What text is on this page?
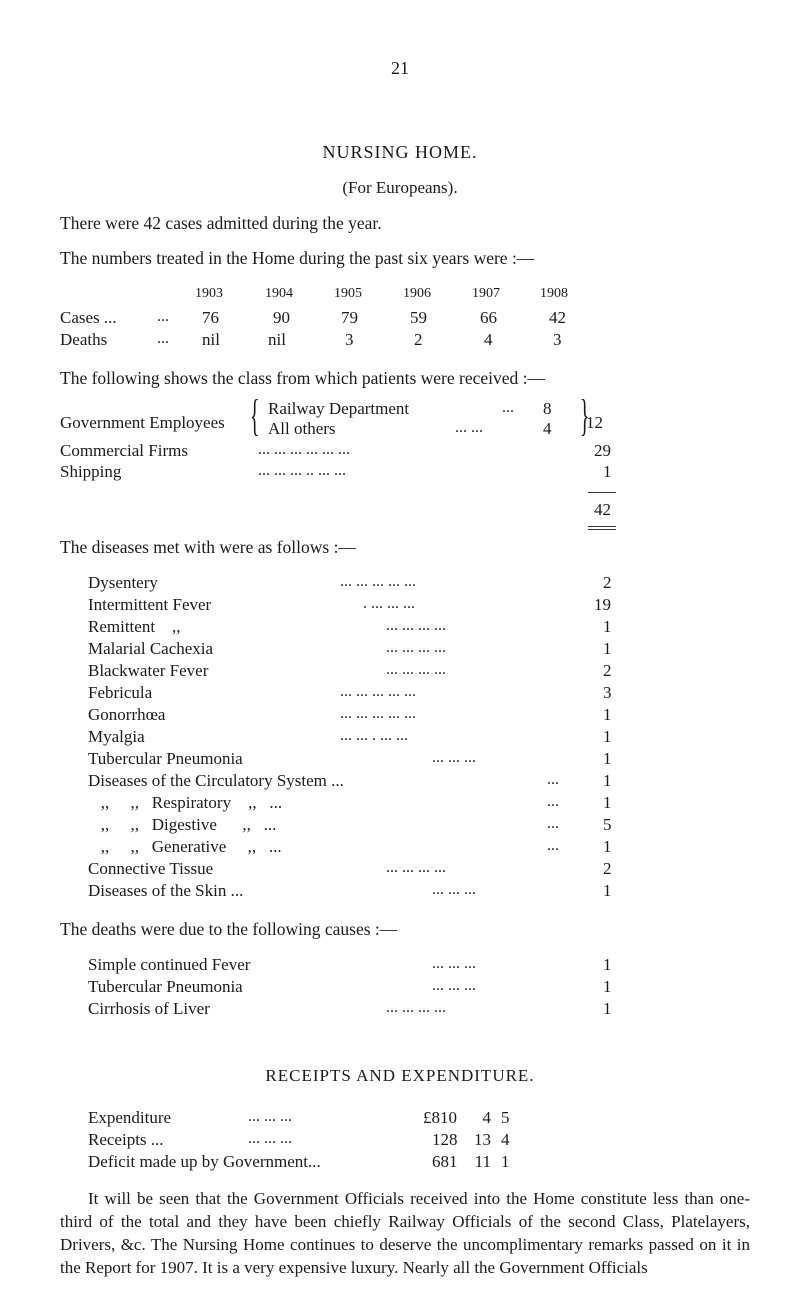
21
NURSING HOME.
(For Europeans).
There were 42 cases admitted during the year.
The numbers treated in the Home during the past six years were :—
1903	1904	1905	1906	1907	1908
Cases ...	... 76	90	79	59	66	42
Deaths	... nil	nil	3	2	4	3
The following shows the class from which patients were received :—
Government Employees { Railway Department	... 8
All others	... ...	4 {
12
Commercial Firms	... ... ... ... ... ...	29
Shipping	... ... ... .. ... ...	1
42
The diseases met with were as follows :—
Dysentery	... ... ... ... ...	2
Intermittent Fever	. ... ... ...	19
Remittent    ,,	... ... ... ...	1
Malarial Cachexia	... ... ... ...	1
Blackwater Fever	... ... ... ...	2
Febricula	... ... ... ... ...	3
Gonorrhœa	... ... ... ... ...	1
Myalgia	... ... . ... ...	1
Tubercular Pneumonia	... ... ...	1
Diseases of the Circulatory System ...	...	1
,,     ,,   Respiratory    ,,   ...	...	1
,,     ,,   Digestive      ,,   ...	...	5
,,     ,,   Generative     ,,   ...	...	1
Connective Tissue	... ... ... ...	2
Diseases of the Skin ...	... ... ...	1
The deaths were due to the following causes :—
Simple continued Fever	... ... ...	1
Tubercular Pneumonia	... ... ...	1
Cirrhosis of Liver	... ... ... ...	1
RECEIPTS AND EXPENDITURE.
Expenditure	... ... ...	£810	4 5
Receipts ...	... ... ...	128 13 4
Deficit made up by Government...	681	11 1
It will be seen that the Government Officials received into the Home constitute less than one-third of the total and they have been chiefly Railway Officials of the second Class, Platelayers, Drivers, &c. The Nursing Home continues to deserve the uncomplimentary remarks passed on it in the Report for 1907. It is a very expensive luxury. Nearly all the Government Officials
